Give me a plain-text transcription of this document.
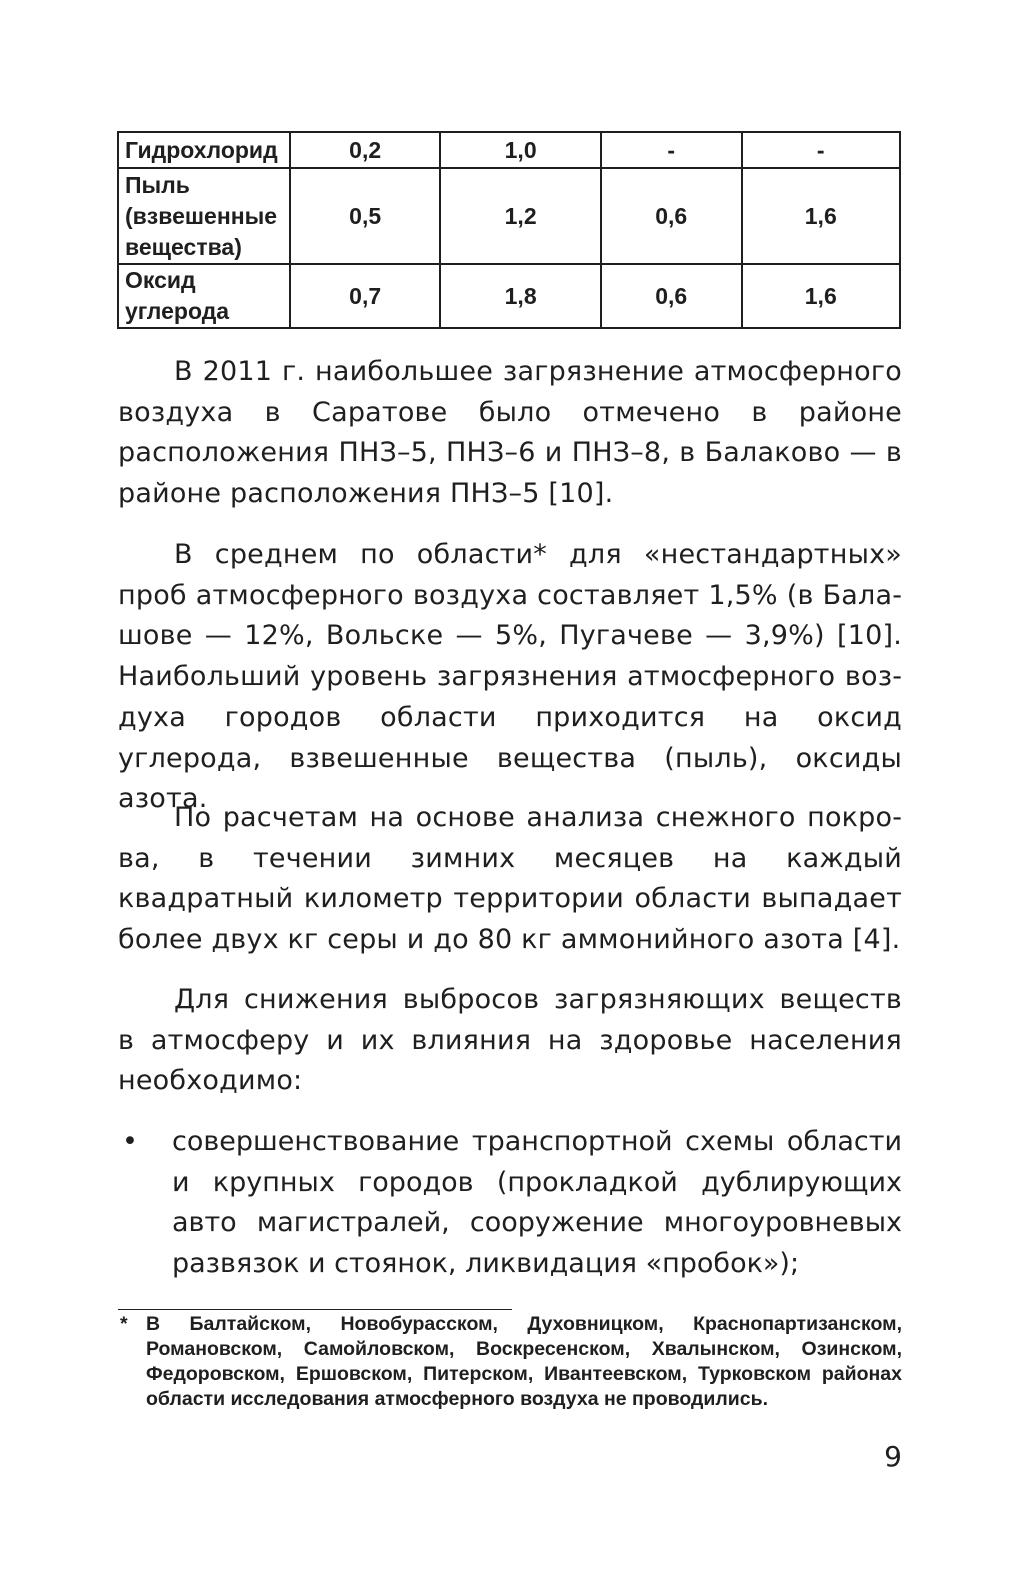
Гидрохлорид	0,2	1,0	-	-
Пыль (взвешенные вещества)	0,5	1,2	0,6	1,6
Оксид углерода	0,7	1,8	0,6	1,6

В 2011 г. наибольшее загрязнение атмосферного воздуха в Саратове было отмечено в районе расположения ПНЗ–5, ПНЗ–6 и ПНЗ–8, в Балаково — в районе расположения ПНЗ–5 [10].

В среднем по области* для «нестандартных» проб атмосферного воздуха составляет 1,5% (в Балашове — 12%, Вольске — 5%, Пугачеве — 3,9%) [10]. Наибольший уровень загрязнения атмосферного воздуха городов области приходится на оксид углерода, взвешенные вещества (пыль), оксиды азота.

По расчетам на основе анализа снежного покрова, в течении зимних месяцев на каждый квадратный километр территории области выпадает более двух кг серы и до 80 кг аммонийного азота [4].

Для снижения выбросов загрязняющих веществ в атмосферу и их влияния на здоровье населения необходимо:

• совершенствование транспортной схемы области и крупных городов (прокладкой дублирующих авто магистралей, сооружение многоуровневых развязок и стоянок, ликвидация «пробок»);
* В Балтайском, Новобурасском, Духовницком, Краснопартизанском, Романовском, Самойловском, Воскресенском, Хвалынском, Озинском, Федоровском, Ершовском, Питерском, Ивантеевском, Турковском районах области исследования атмосферного воздуха не проводились.
9
